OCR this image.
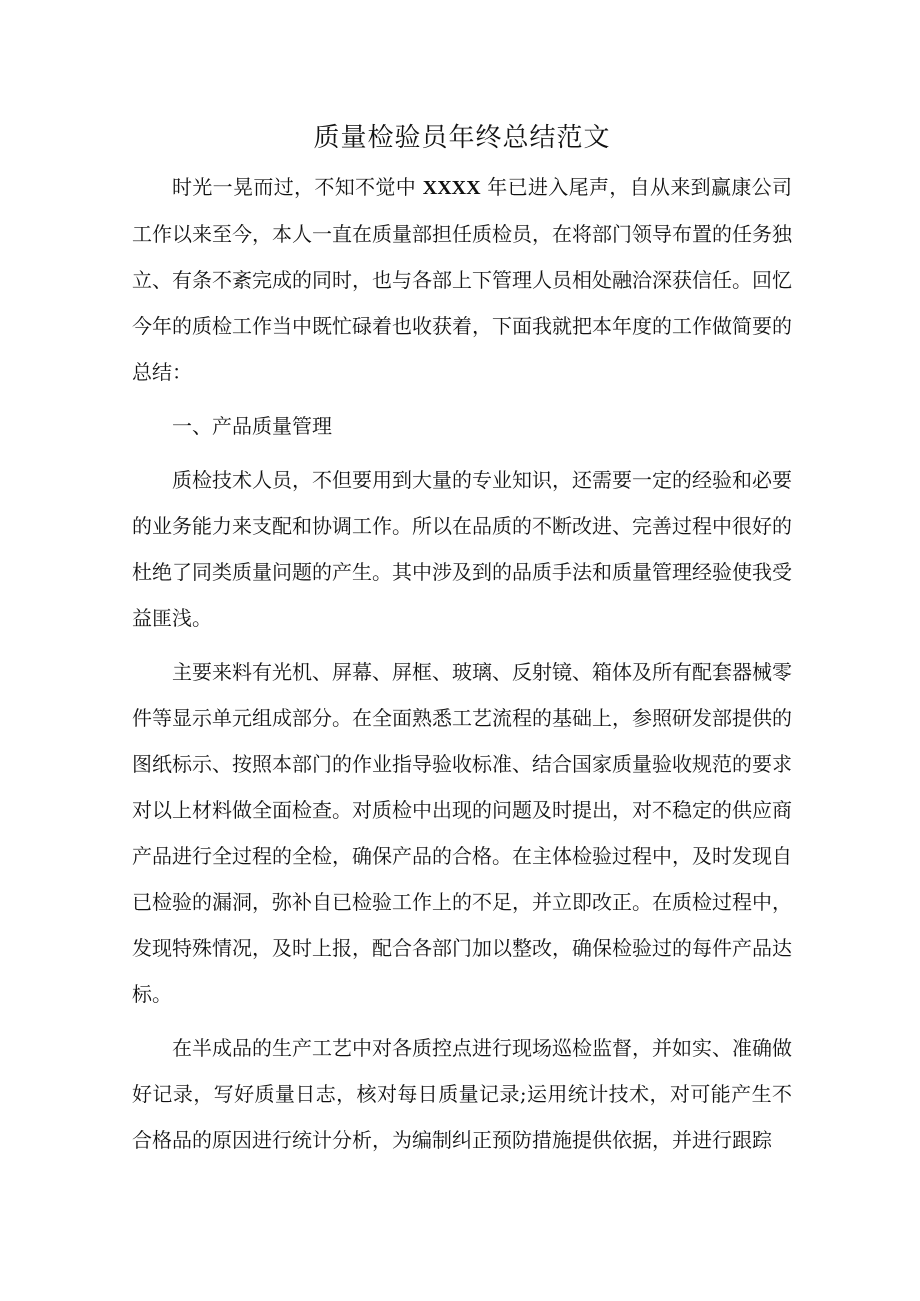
质量检验员年终总结范文

时光一晃而过，不知不觉中 XXXX 年已进入尾声，自从来到赢康公司工作以来至今，本人一直在质量部担任质检员，在将部门领导布置的任务独立、有条不紊完成的同时，也与各部上下管理人员相处融洽深获信任。回忆今年的质检工作当中既忙碌着也收获着，下面我就把本年度的工作做简要的总结：

一、产品质量管理

质检技术人员，不但要用到大量的专业知识，还需要一定的经验和必要的业务能力来支配和协调工作。所以在品质的不断改进、完善过程中很好的杜绝了同类质量问题的产生。其中涉及到的品质手法和质量管理经验使我受益匪浅。

主要来料有光机、屏幕、屏框、玻璃、反射镜、箱体及所有配套器械零件等显示单元组成部分。在全面熟悉工艺流程的基础上，参照研发部提供的图纸标示、按照本部门的作业指导验收标准、结合国家质量验收规范的要求对以上材料做全面检查。对质检中出现的问题及时提出，对不稳定的供应商产品进行全过程的全检，确保产品的合格。在主体检验过程中，及时发现自已检验的漏洞，弥补自已检验工作上的不足，并立即改正。在质检过程中，发现特殊情况，及时上报，配合各部门加以整改，确保检验过的每件产品达标。

在半成品的生产工艺中对各质控点进行现场巡检监督，并如实、准确做好记录，写好质量日志，核对每日质量记录;运用统计技术，对可能产生不合格品的原因进行统计分析，为编制纠正预防措施提供依据，并进行跟踪
